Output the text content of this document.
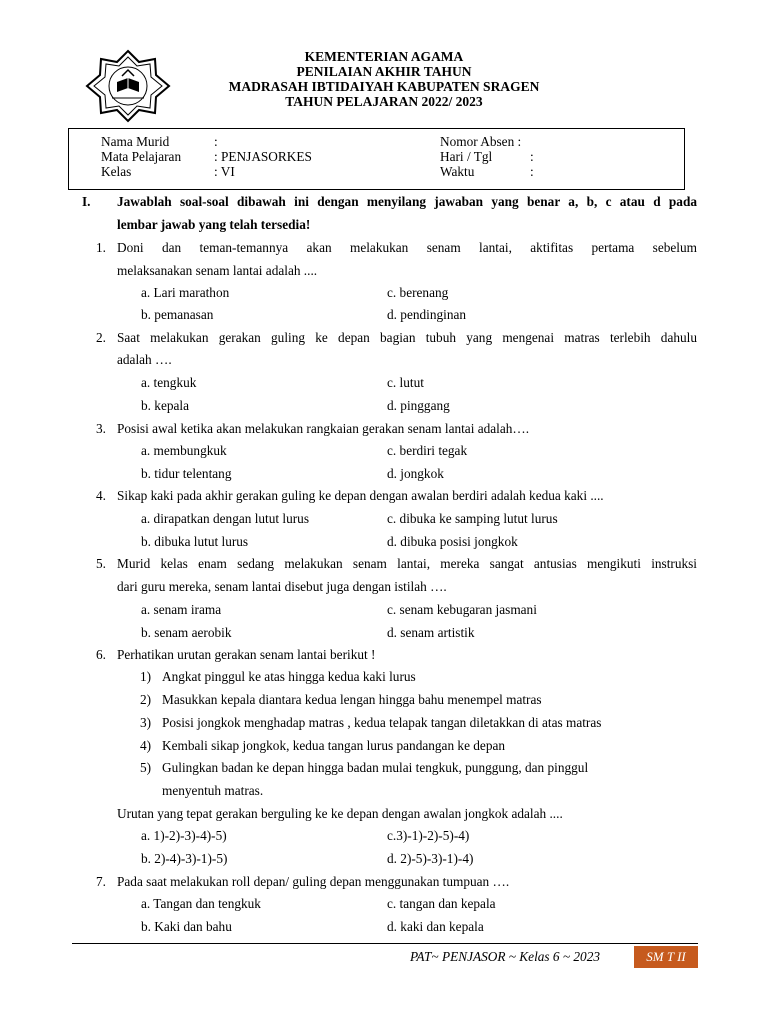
KEMENTERIAN AGAMA
PENILAIAN AKHIR TAHUN
MADRASAH IBTIDAIYAH KABUPATEN SRAGEN
TAHUN PELAJARAN 2022/ 2023
Nama Murid	:	Nomor Absen :
Mata Pelajaran : PENJASORKES	Hari / Tgl	:
Kelas	: VI	Waktu	:
I. Jawablah soal-soal dibawah ini dengan menyilang jawaban yang benar a, b, c atau d pada
lembar jawab yang telah tersedia!
1. Doni dan teman-temannya akan melakukan senam lantai, aktifitas pertama sebelum
melaksanakan senam lantai adalah ....
a. Lari marathon	c. berenang
b. pemanasan	d. pendinginan
2. Saat melakukan gerakan guling ke depan bagian tubuh yang mengenai matras terlebih dahulu
adalah ….
a. tengkuk	c. lutut
b. kepala	d. pinggang
3. Posisi awal ketika akan melakukan rangkaian gerakan senam lantai adalah….
a. membungkuk	c. berdiri tegak
b. tidur telentang	d. jongkok
4. Sikap kaki pada akhir gerakan guling ke depan dengan awalan berdiri adalah kedua kaki ....
a. dirapatkan dengan lutut lurus	c. dibuka ke samping lutut lurus
b. dibuka lutut lurus	d. dibuka posisi jongkok
5. Murid kelas enam sedang melakukan senam lantai, mereka sangat antusias mengikuti instruksi
dari guru mereka, senam lantai disebut juga dengan istilah ….
a. senam irama	c. senam kebugaran jasmani
b. senam aerobik	d. senam artistik
6. Perhatikan urutan gerakan senam lantai berikut !
1) Angkat pinggul ke atas hingga kedua kaki lurus
2) Masukkan kepala diantara kedua lengan hingga bahu menempel matras
3) Posisi jongkok menghadap matras , kedua telapak tangan diletakkan di atas matras
4) Kembali sikap jongkok, kedua tangan lurus pandangan ke depan
5) Gulingkan badan ke depan hingga badan mulai tengkuk, punggung, dan pinggul
menyentuh matras.
Urutan yang tepat gerakan berguling ke ke depan dengan awalan jongkok adalah ....
a. 1)-2)-3)-4)-5)	c.3)-1)-2)-5)-4)
b. 2)-4)-3)-1)-5)	d. 2)-5)-3)-1)-4)
7. Pada saat melakukan roll depan/ guling depan menggunakan tumpuan ….
a. Tangan dan tengkuk	c. tangan dan kepala
b. Kaki dan bahu	d. kaki dan kepala
PAT~ PENJASOR ~ Kelas 6 ~ 2023	SM T II
